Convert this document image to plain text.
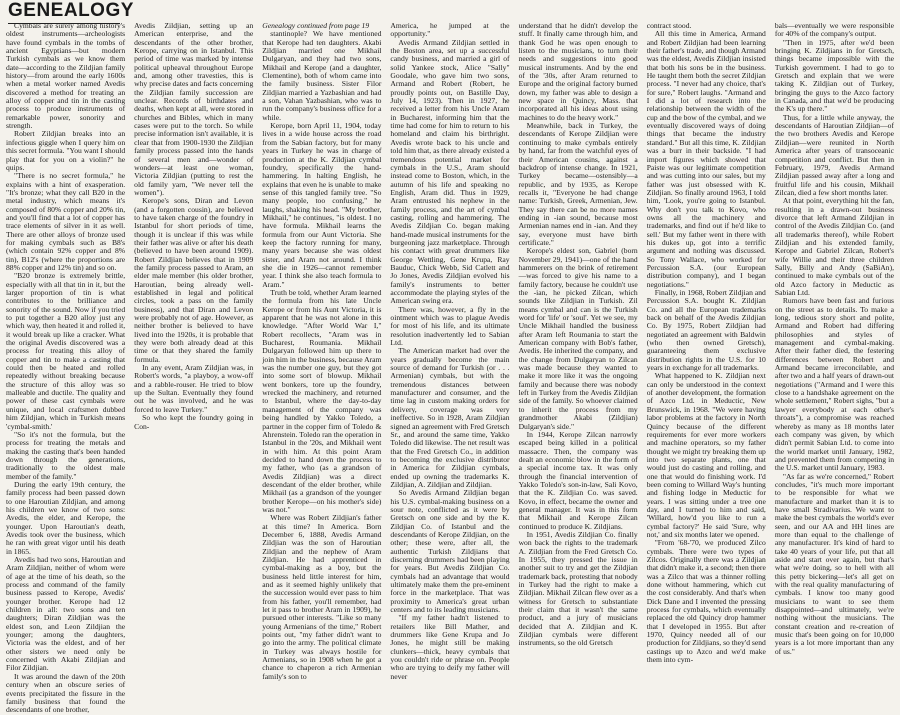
GENEALOGY

Cymbals are surely among history's oldest instruments—archeologists have found cymbals in the tombs of ancient Egyptians—but modern Turkish cymbals as we know them date—according to the Zildjian family history—from around the early 1600s when a metal worker named Avedis discovered a method for treating an alloy of copper and tin in the casting process to produce instruments of remarkable power, sonority and strength.

Robert Zildjian breaks into an infectious giggle when I query him on this secret formula. "You want I should play that for you on a violin?" he quips.

"There is no secret formula," he explains with a hint of exasperation. "It's bronze; what they call B20 in the metal industry, which means it's composed of 80% copper and 20% tin, and you'll find that a lot of copper has trace elements of silver in it as well. There are other alloys of bronze used for making cymbals such as B8's (which contain 92% copper and 8% tin), B12's (where the proportions are 88% copper and 12% tin) and so on.

"B20 bronze is extremely brittle, especially with all that tin in it, but the larger proportion of tin is what contributes to the brilliance and sonority of the sound. Now if you tried to put together a B20 alloy just any which way, then heated it and rolled it, it would break up like a cracker. What the original Avedis discovered was a process for treating this alloy of copper and tin to make a casting that could then be heated and rolled repeatedly without breaking because the structure of this alloy was so malleable and ductile. The quality and power of these cast cymbals were unique, and local craftsmen dubbed him Zildjian, which in Turkish means 'cymbal-smith.'

"So it's not the formula, but the process for treating the metals and making the casting that's been handed down through the generations, traditionally to the oldest male member of the family."

During the early 19th century, the family process had been passed down to one Haroutian Zildjian, and among his children we know of two sons: Avedis, the elder, and Kerope, the younger. Upon Haroutian's death, Avedis took over the business, which he ran with great vigor until his death in 1865.

Avedis had two sons, Haroutian and Aram Zildjian, neither of whom were of age at the time of his death, so the process and command of the family business passed to Kerope, Avedis' younger brother. Kerope had 12 children in all: two sons and ten daughters; Diran Zildjian was the eldest son, and Leon Zildjian the younger; among the daughters, Victoria was the eldest, and of her other sisters we need only be concerned with Akabi Zildjian and Filor Zildjian.

It was around the dawn of the 20th century when an obscure series of events precipitated the fissure in the family business that found the descendants of one brother,

Avedis Zildjian, setting up an American enterprise, and the descendants of the other brother, Kerope, carrying on in Istanbul. This period of time was marked by intense political upheaval throughout Europe and, among other travesties, this is why precise dates and facts concerning the Zildjian family succession are unclear. Records of birthdates and deaths, when kept at all, were stored in churches and Bibles, which in many cases were put to the torch. So while precise information isn't available, it is clear that from 1900-1930 the Zildjian family process passed into the hands of several men and—wonder of wonders—at least one woman, Victoria Zildjian (putting to rest the old family yarn, "We never tell the women").

Kerope's sons, Diran and Levon (and a forgotten cousin), are believed to have taken charge of the foundry in Istanbul for short periods of time, though it is unclear if this was while their father was alive or after his death (believed to have been around 1909). Robert Zildjian believes that in 1909 the family process passed to Aram, an elder male member (his older brother, Haroutian, being already well-established in legal and political circles, took a pass on the family business), and that Diran and Levon were probably not of age. However, as neither brother is believed to have lived into the 1920s, it is probable that they were both already dead at this time or that they shared the family formula.

In any event, Aram Zildjian was, in Robert's words, "a playboy, a wow-off and a rabble-rouser. He tried to blow up the Sultan. Eventually they found out he was involved, and he was forced to leave Turkey."

So who kept the foundry going in Con-

Genealogy continued from page 19

stantinople? We have mentioned that Kerope had ten daughters. Akabi Zildjian married one Mikhail Dulgaryan, and they had two sons, Mikhail and Kerope (and a daughter, Clementine), both of whom came into the family business. Sister Filor Zildjian married a Yazbashian and had a son, Vahan Yazbashian, who was to run the company's business office for a while.

Kerope, born April 11, 1904, today lives in a wide house across the road from the Sabian factory, but for many years in Turkey he was in charge of production at the K. Zildjian cymbal foundry, specifically the hand-hammering. In halting English, he explains that even he is unable to make sense of this tangled family tree. "So many people, too confusing," he laughs, shaking his head. "My brother, Mikhail," he continues, "is oldest. I no have formula. Mikhail learns the formula from our Aunt Victoria. She keep the factory running for many, many years because she was oldest sister, and Aram not around. I think she die in 1926—cannot remember year. I think she also teach formula to Aram."

Truth be told, whether Aram learned the formula from his late Uncle Kerope or from his Aunt Victoria, it is apparent that he was not alone in this knowledge. "After World War I," Robert recollects, "Aram was in Bucharest, Roumania. Mikhail Dulgaryan followed him up there to join him in the business, because Aram was the number one guy, but they got into some sort of blowup. Mikhail went bonkers, tore up the foundry, wrecked the machinery, and returned to Istanbul, where the day-to-day management of the company was being handled by Yakko Toledo, a partner in the copper firm of Toledo & Ahrenstein. Toledo ran the operation in Istanbul in the '20s, and Mikhail went in with him. At this point Aram decided to hand down the process to my father, who (as a grandson of Avedis Zildjian) was a direct descendant of the elder brother, while Mikhail (as a grandson of the younger brother Kerope—on his mother's side) was not."

Where was Robert Zildjian's father at this time? In America. Born December 6, 1888, Avedis Armand Zildjian was the son of Haroutian Zildjian and the nephew of Aram Zildjian. He had apprenticed in cymbal-making as a boy, but the business held little interest for him, and as it seemed highly unlikely that the succession would ever pass to him from his father, you'll remember, had let it pass to brother Aram in 1909), he pursued other interests. "Like so many young Armenians of the time," Robert points out, "my father didn't want to go into the army. The political climate in Turkey was always hostile for Armenians, so in 1908 when he got a chance to chaperon a rich Armenian family's son to

America, he jumped at the opportunity."

Avedis Armand Zildjian settled in the Boston area, set up a successful candy business, and married a girl of solid Yankee stock, Alice "Sally" Goodale, who gave him two sons, Armand and Robert (Robert, he proudly points out, on Bastille Day, July 14, 1923). Then in 1927, he received a letter from his Uncle Aram in Bucharest, informing him that the time had come for him to return to his homeland and claim his birthright. Avedis wrote back to his uncle and told him that, as there already existed a tremendous potential market for cymbals in the U.S., Aram should instead come to Boston, which, in the autumn of his life and speaking no English, Aram did. Thus in 1929, Aram entrusted his nephew in the family process, and the art of cymbal casting, rolling and hammering. The Avedis Zildjian Co. began making hand-made musical instruments for the burgeoning jazz marketplace. Through his contact with great drummers like George Wettling, Gene Krupa, Ray Bauduc, Chick Webb, Sid Catlett and Jo Jones, Avedis Zildjian evolved his family's instruments to better accommodate the playing styles of the American swing era.

There was, however, a fly in the ointment which was to plague Avedis for most of his life, and its ultimate resolution inadvertently led to Sabian Ltd.

The American market had over the years gradually become the main source of demand for Turkish (or . . . Armenian) cymbals, but with the tremendous distances between manufacturer and consumer, and the time lag in custom making orders for delivery, coverage was very ineffective. So in 1928, Aram Zildjian signed an agreement with Fred Gretsch Sr., and around the same time, Yakko Toledo did likewise. The net result was that the Fred Gretsch Co., in addition to becoming the exclusive distributor in America for Zildjian cymbals, ended up owning the trademarks K. Zildjian, A. Zildjian and Zildjian.

So Avedis Armand Zildjian began his U.S. cymbal-making business on a sour note, conflicted as it were by Gretsch on one side and by the K. Zildjian Co. of Istanbul and the descendants of Kerope Zildjian, on the other; these were, after all, the authentic Turkish Zildjians that discerning drummers had been playing for years. But Avedis Zildjian Co. cymbals had an advantage that would ultimately make them the pre-eminent force in the marketplace. That was proximity to America's great urban centers and to its leading musicians.

"If my father hadn't listened to retailers like Bill Mather, and drummers like Gene Krupa and Jo Jones, he might still be making clunkers—thick, heavy cymbals that you couldn't ride or phrase on. People who are trying to deify my father will never

understand that he didn't develop the stuff. It finally came through him, and thank God he was open enough to listen to the musicians, to turn their needs and suggestions into good musical instruments. And by the end of the '30s, after Aram returned to Europe and the original factory burned down, my father was able to design a new space in Quincy, Mass. that incorporated all his ideas about using machines to do the heavy work."

Meanwhile, back in Turkey, the descendants of Kerope Zildjian were continuing to make cymbals entirely by hand, far from the watchful eyes of their American cousins, against a backdrop of intense change. In 1921, Turkey became—ostensibly—a republic, and by 1935, as Kerope recalls it, "Everyone he had change name: Turkish, Greek, Armenian, Jew. They say there can be no more names ending in -ian sound, because most Armenian names end in -ian. And they say, everyone must have birth certificate."

Kerope's eldest son, Gabriel (born November 29, 1941)—one of the hand hammerers on the brink of retirement—was forced to give his name to a family factory, because he couldn't use the -ian, he picked Zilcan, which sounds like Zildjian in Turkish. Zil means cymbal and can is the Turkish word for 'life' or 'soul'. Yet we see, my Uncle Mikhail handled the business after Aram left Roumania to start the American company with Bob's father, Avedis. He inherited the company, and the change from Dulgaryan to Zilcan was made because they wanted to make it more like it was the ongoing family and because there was nobody left in Turkey from the Avedis Zildjian side of the family. So whoever claimed to inherit the process from my grandmother Akabi (Zildjian) Dulgaryan's side."

In 1944, Kerope Zilcan narrowly escaped being killed in a political massacre. Then, the company was dealt an economic blow in the form of a special income tax. It was only through the financial intervention of Yakko Toledo's son-in-law, Sali Kovo, that the K. Zildjian Co. was saved. Kovo, in effect, became the owner and general manager. It was in this form that Mikhail and Kerope Zilcan continued to produce K. Zildjians.

In 1951, Avedis Zildjian Co. finally won back the rights to the trademark A. Zildjian from the Fred Gretsch Co. In 1955, they pressed the issue in another suit to try and get the Zildjian trademark back, protesting that nobody in Turkey had the right to make a Zildjian. Mikhail Zilcan flew over as a witness for Gretsch to substantiate their claim that it wasn't the same product, and a jury of musicians decided that A. Zildjian and K. Zildjian cymbals were different instruments, so the old Gretsch

contract stood.

All this time in America, Armand and Robert Zildjian had been learning their father's trade, and though Armand was the eldest, Avedis Zildjian insisted that both his sons be in the business. He taught them both the secret Zildjian process. "I never had any choice, that's for sure," Robert laughs. "Armand and I did a lot of research into the relationship between the width of the cup and the bow of the cymbal, and we eventually discovered ways of doing things that became the industry standard." But all this time, K. Zildjian was a burr in their backside. "I had import figures which showed that Paiste was our legitimate competition and was cutting into our sales, but my father was just obsessed with K. Zildjian. So finally around 1963, I told him, 'Look, you're going to Istanbul. Why don't you talk to Kovo, who owns all the machinery and trademarks, and find out if he'd like to sell.' But my father went in there with his dukes up, got into a terrific argument and nothing was discussed. So Tony Wallace, who worked for Percussion S.A. (our European distribution company), and I began negotiations."

Finally, in 1968, Robert Zildjian and Percussion S.A. bought K. Zildjian Co. and all the European trademarks back on behalf of the Avedis Zildjian Co. By 1975, Robert Zildjian had negotiated an agreement with Baldwin (who then owned Gretsch), guaranteeing them exclusive distribution rights in the U.S. for 10 years in exchange for all trademarks.

What happened to K. Zildjian next can only be understood in the context of another development, the formation of Azco Ltd. in Meductic, New Brunswick, in 1968. "We were having labor problems at the factory in North Quincy because of the different requirements for ever more workers and machine operators, so my father thought we might try breaking them up into two separate plants, one that would just do casting and rolling, and one that would do finishing work. I'd been coming to Willard Way's hunting and fishing lodge in Meductic for years. I was sitting under a tree one day, and I turned to him and said, 'Willard, how'd you like to run a cymbal factory?' He said 'Sure, why not,' and six months later we opened.

"From '68-'70, we produced Zilco cymbals. There were two types of Zilcos. Originally there was a Zildjian that didn't make it, a second; then there was a Zilco that was a thinner rolling done without hammering, which cut the cost considerably. And that's when Dick Dane and I invented the pressing process for cymbals, which eventually replaced the old Quincy drop hammer that I developed in 1955. But after 1970, Quincy needed all of our production for Zildjians, so they'd send castings up to Azco and we'd make them into cym-

bals—eventually we were responsible for 40% of the company's output.

"Then in 1975, after we'd been bringing K. Zildjians in for Gretsch, things became impossible with the Turkish government. I had to go to Gretsch and explain that we were taking K. Zildjian out of Turkey, bringing the guys to the Azco factory in Canada, and that we'd be producing the K's up there."

Thus, for a little while anyway, the descendants of Haroutian Zildjian—of the two brothers Avedis and Kerope Zildjian—were reunited in North America after years of transoceanic competition and conflict. But then in February, 1979, Avedis Armand Zildjian passed away after a long and fruitful life and his cousin, Mikhail Zilcan, died a few short months later.

At that point, everything hit the fan, resulting in a drawn-out business divorce that left Armand Zildjian in control of the Avedis Zildjian Co. (and all trademarks thereof), while Robert Zildjian and his extended family, Kerope and Gabriel Zilcan, Robert's wife Willie and their three children Sally, Billy and Andy (SaBiAn), continued to make cymbals out of the old Azco factory in Meductic as Sabian Ltd.

Rumors have been fast and furious on the street as to details. To make a long, tedious story short and polite, Armand and Robert had differing philosophies and styles of management and cymbal-making. After their father died, the festering differences between Robert and Armand became irreconcilable, and after two and a half years of drawn-out negotiations ("Armand and I were this close to a handshake agreement on the whole settlement," Robert sighs, "but a lawyer everybody at each other's throats"), a compromise was reached whereby as many as 18 months later each company was given, by which didn't permit Sabian Ltd. to come into the world market until January, 1982, and prevented them from competing in the U.S. market until January, 1983.

"As far as we're concerned," Robert concludes, "it's much more important to be responsible for what we manufacture and market than it is to have small Stradivarius. We want to make the best cymbals the world's ever seen, and our AA and HH lines are more than equal to the challenge of any manufacturer. It's kind of hard to take 40 years of your life, put that all aside and start over again, but that's what we're doing, so to hell with all this petty bickering—let's all get on with the real quality manufacturing of cymbals. I know too many good musicians to want to see them disappointed—and ultimately, we're nothing without the musicians. The constant creation and re-creation of music that's been going on for 10,000 years is a lot more important than any of us."
